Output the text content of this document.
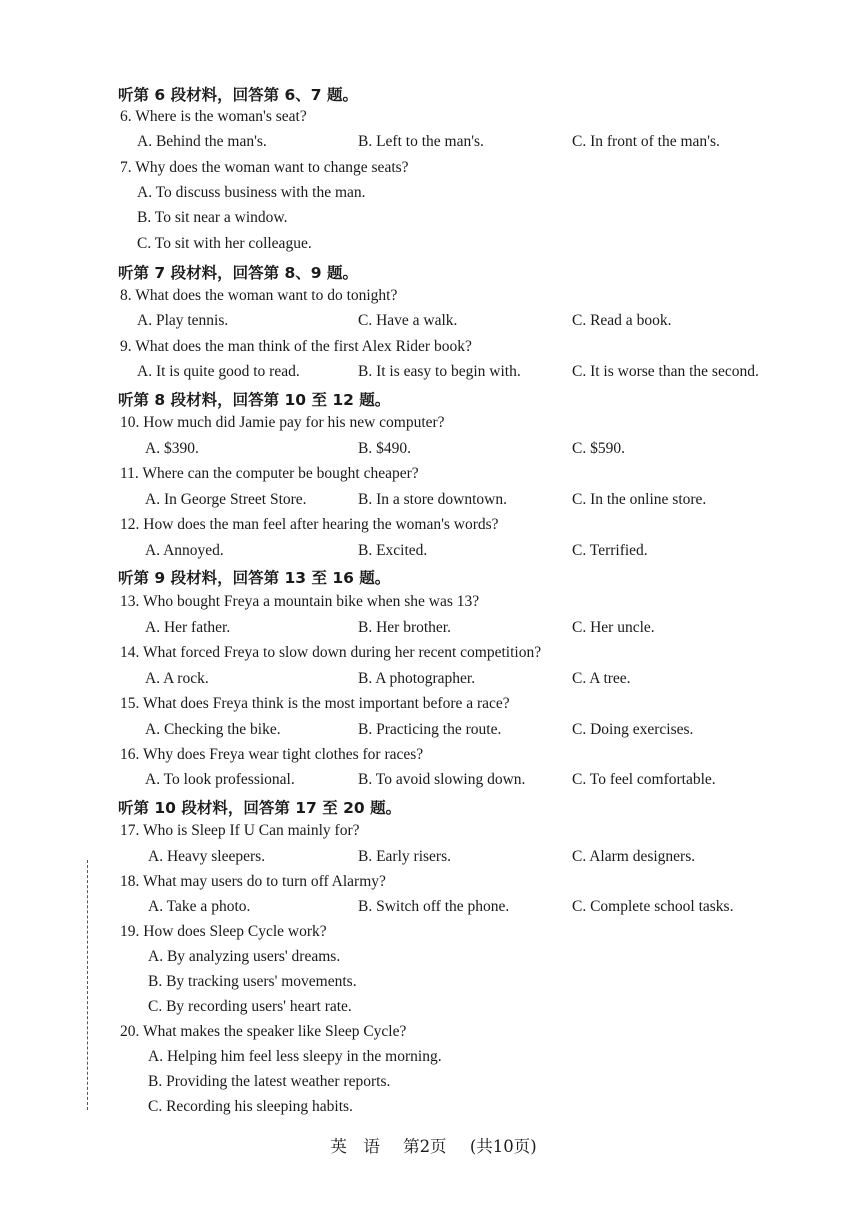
听第 6 段材料，回答第 6、7 题。
6. Where is the woman's seat?
A. Behind the man's.	B. Left to the man's.	C. In front of the man's.
7. Why does the woman want to change seats?
A. To discuss business with the man.
B. To sit near a window.
C. To sit with her colleague.
听第 7 段材料，回答第 8、9 题。
8. What does the woman want to do tonight?
A. Play tennis.	C. Have a walk.	C. Read a book.
9. What does the man think of the first Alex Rider book?
A. It is quite good to read.	B. It is easy to begin with.	C. It is worse than the second.
听第 8 段材料，回答第 10 至 12 题。
10. How much did Jamie pay for his new computer?
A. $390.	B. $490.	C. $590.
11. Where can the computer be bought cheaper?
A. In George Street Store.	B. In a store downtown.	C. In the online store.
12. How does the man feel after hearing the woman's words?
A. Annoyed.	B. Excited.	C. Terrified.
听第 9 段材料，回答第 13 至 16 题。
13. Who bought Freya a mountain bike when she was 13?
A. Her father.	B. Her brother.	C. Her uncle.
14. What forced Freya to slow down during her recent competition?
A. A rock.	B. A photographer.	C. A tree.
15. What does Freya think is the most important before a race?
A. Checking the bike.	B. Practicing the route.	C. Doing exercises.
16. Why does Freya wear tight clothes for races?
A. To look professional.	B. To avoid slowing down.	C. To feel comfortable.
听第 10 段材料，回答第 17 至 20 题。
17. Who is Sleep If U Can mainly for?
A. Heavy sleepers.	B. Early risers.	C. Alarm designers.
18. What may users do to turn off Alarmy?
A. Take a photo.	B. Switch off the phone.	C. Complete school tasks.
19. How does Sleep Cycle work?
A. By analyzing users' dreams.
B. By tracking users' movements.
C. By recording users' heart rate.
20. What makes the speaker like Sleep Cycle?
A. Helping him feel less sleepy in the morning.
B. Providing the latest weather reports.
C. Recording his sleeping habits.
英　语 第2页 (共10页)
